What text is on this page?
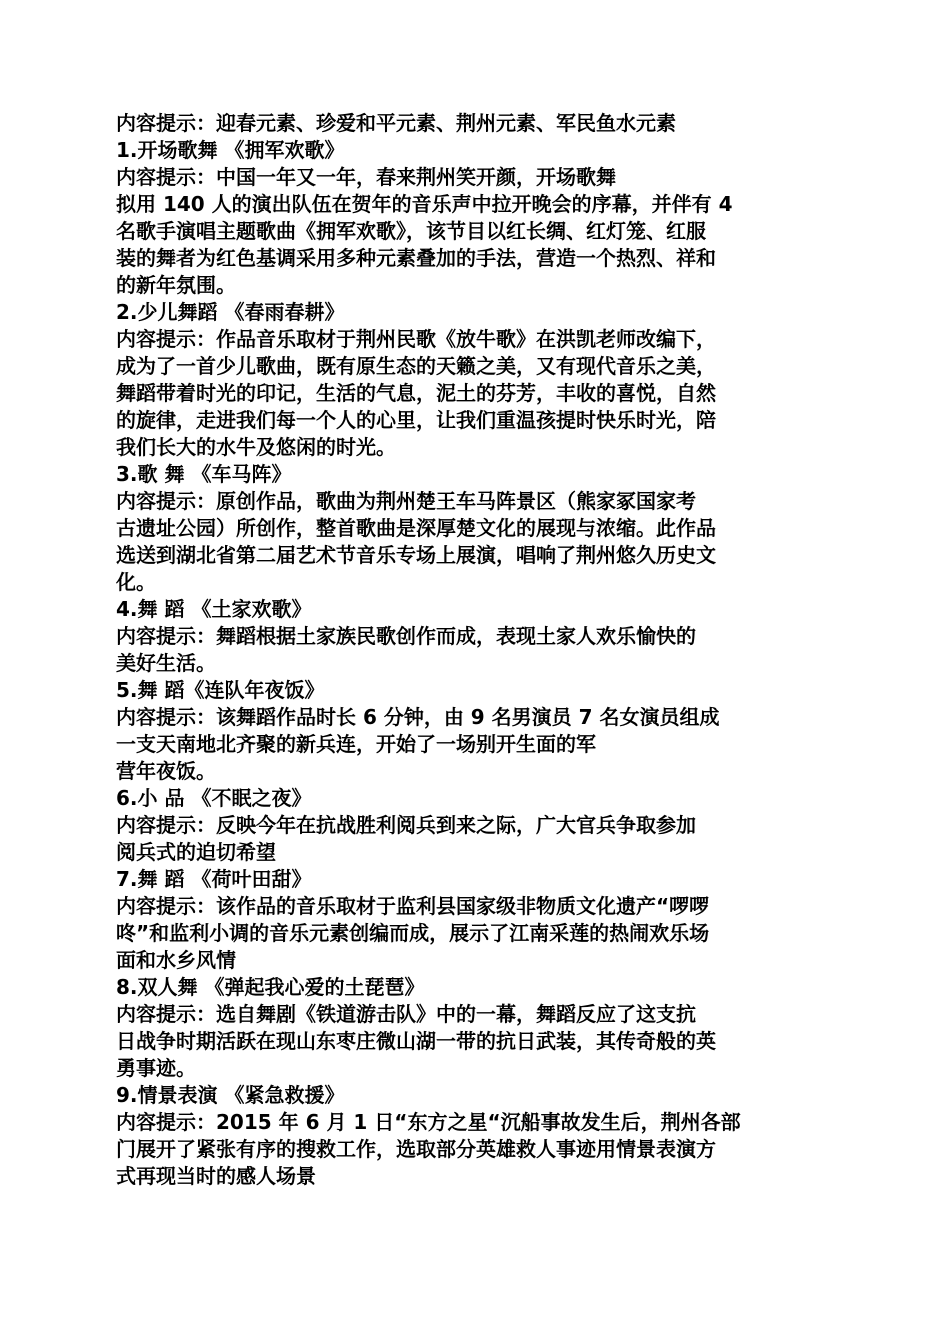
内容提示：迎春元素、珍爱和平元素、荆州元素、军民鱼水元素
1.开场歌舞 《拥军欢歌》
内容提示：中国一年又一年，春来荆州笑开颜，开场歌舞
拟用 140 人的演出队伍在贺年的音乐声中拉开晚会的序幕，并伴有 4
名歌手演唱主题歌曲《拥军欢歌》，该节目以红长绸、红灯笼、红服
装的舞者为红色基调采用多种元素叠加的手法，营造一个热烈、祥和
的新年氛围。
2.少儿舞蹈 《春雨春耕》
内容提示：作品音乐取材于荆州民歌《放牛歌》在洪凯老师改编下，
成为了一首少儿歌曲，既有原生态的天籁之美，又有现代音乐之美，
舞蹈带着时光的印记，生活的气息，泥土的芬芳，丰收的喜悦，自然
的旋律，走进我们每一个人的心里，让我们重温孩提时快乐时光，陪
我们长大的水牛及悠闲的时光。
3.歌 舞 《车马阵》
内容提示：原创作品，歌曲为荆州楚王车马阵景区（熊家冢国家考
古遗址公园）所创作，整首歌曲是深厚楚文化的展现与浓缩。此作品
选送到湖北省第二届艺术节音乐专场上展演，唱响了荆州悠久历史文
化。
4.舞 蹈 《土家欢歌》
内容提示：舞蹈根据土家族民歌创作而成，表现土家人欢乐愉快的
美好生活。
5.舞 蹈《连队年夜饭》
内容提示：该舞蹈作品时长 6 分钟，由 9 名男演员 7 名女演员组成
一支天南地北齐聚的新兵连，开始了一场别开生面的军
营年夜饭。
6.小 品 《不眠之夜》
内容提示：反映今年在抗战胜利阅兵到来之际，广大官兵争取参加
阅兵式的迫切希望
7.舞 蹈 《荷叶田甜》
内容提示：该作品的音乐取材于监利县国家级非物质文化遗产“啰啰
咚”和监利小调的音乐元素创编而成，展示了江南采莲的热闹欢乐场
面和水乡风情
8.双人舞 《弹起我心爱的土琵琶》
内容提示：选自舞剧《铁道游击队》中的一幕，舞蹈反应了这支抗
日战争时期活跃在现山东枣庄微山湖一带的抗日武装，其传奇般的英
勇事迹。
9.情景表演 《紧急救援》
内容提示：2015 年 6 月 1 日“东方之星“沉船事故发生后，荆州各部
门展开了紧张有序的搜救工作，选取部分英雄救人事迹用情景表演方
式再现当时的感人场景
